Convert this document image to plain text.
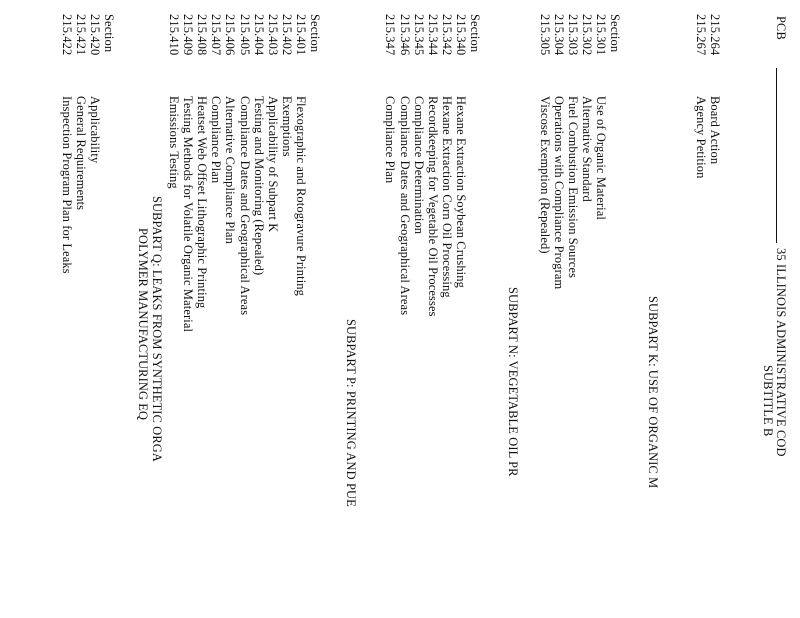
PCB
35 ILLINOIS ADMINISTRATIVE COD
SUBTITLE B
215.264Board Action
215.267Agency Petition
SUBPART K: USE OF ORGANIC M
Section
215.301Use of Organic Material
215.302Alternative Standard
215.303Fuel Combustion Emission Sources
215.304Operations with Compliance Program
215.305Viscose Exemption (Repealed)
SUBPART N: VEGETABLE OIL PR
Section
215.340Hexane Extraction Soybean Crushing
215.342Hexane Extraction Corn Oil Processing
215.344Recordkeeping for Vegetable Oil Processes
215.345Compliance Determination
215.346Compliance Dates and Geographical Areas
215.347Compliance Plan
SUBPART P: PRINTING AND PUE
Section
215.401Flexographic and Rotogravure Printing
215.402Exemptions
215.403Applicability of Subpart K
215.404Testing and Monitoring (Repealed)
215.405Compliance Dates and Geographical Areas
215.406Alternative Compliance Plan
215.407Compliance Plan
215.408Heatset Web Offset Lithographic Printing
215.409Testing Methods for Volatile Organic Material
215.410Emissions Testing
SUBPART Q: LEAKS FROM SYNTHETIC ORGA
POLYMER MANUFACTURING EQ
Section
215.420Applicability
215.421General Requirements
215.422Inspection Program Plan for Leaks
